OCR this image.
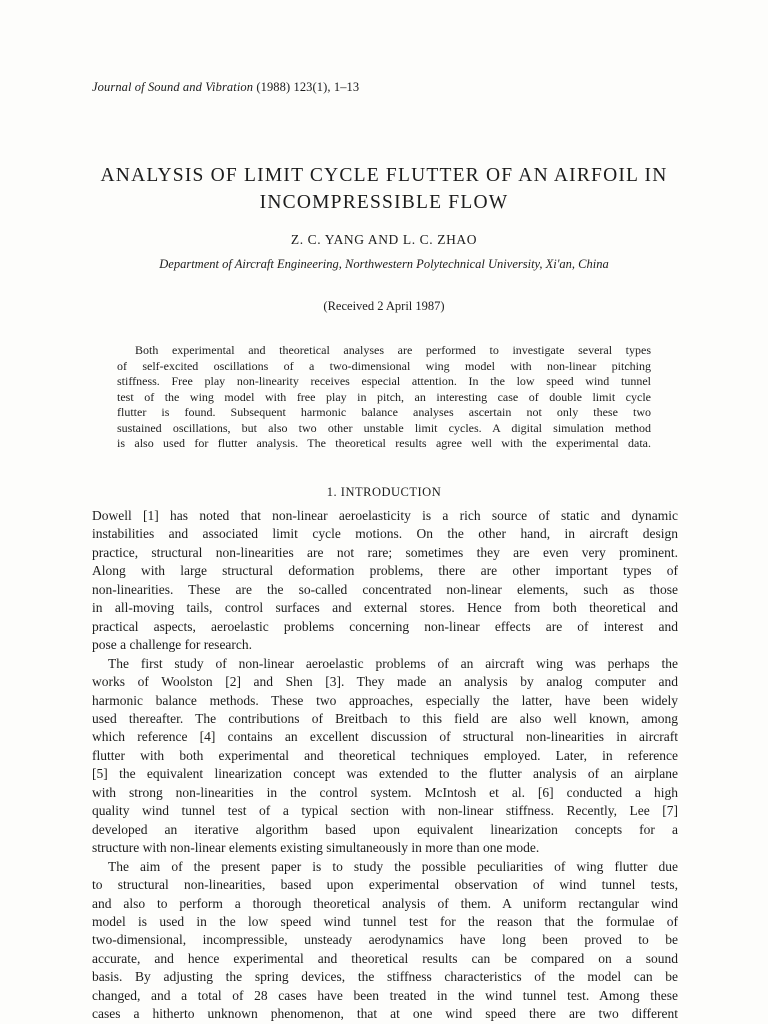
Journal of Sound and Vibration (1988) 123(1), 1–13
ANALYSIS OF LIMIT CYCLE FLUTTER OF AN AIRFOIL IN
INCOMPRESSIBLE FLOW
Z. C. YANG AND L. C. ZHAO
Department of Aircraft Engineering, Northwestern Polytechnical University, Xi'an, China
(Received 2 April 1987)
Both experimental and theoretical analyses are performed to investigate several types
of self-excited oscillations of a two-dimensional wing model with non-linear pitching
stiffness. Free play non-linearity receives especial attention. In the low speed wind tunnel
test of the wing model with free play in pitch, an interesting case of double limit cycle
flutter is found. Subsequent harmonic balance analyses ascertain not only these two
sustained oscillations, but also two other unstable limit cycles. A digital simulation method
is also used for flutter analysis. The theoretical results agree well with the experimental data.
1. INTRODUCTION
Dowell [1] has noted that non-linear aeroelasticity is a rich source of static and dynamic
instabilities and associated limit cycle motions. On the other hand, in aircraft design
practice, structural non-linearities are not rare; sometimes they are even very prominent.
Along with large structural deformation problems, there are other important types of
non-linearities. These are the so-called concentrated non-linear elements, such as those
in all-moving tails, control surfaces and external stores. Hence from both theoretical and
practical aspects, aeroelastic problems concerning non-linear effects are of interest and
pose a challenge for research.
The first study of non-linear aeroelastic problems of an aircraft wing was perhaps the
works of Woolston [2] and Shen [3]. They made an analysis by analog computer and
harmonic balance methods. These two approaches, especially the latter, have been widely
used thereafter. The contributions of Breitbach to this field are also well known, among
which reference [4] contains an excellent discussion of structural non-linearities in aircraft
flutter with both experimental and theoretical techniques employed. Later, in reference
[5] the equivalent linearization concept was extended to the flutter analysis of an airplane
with strong non-linearities in the control system. McIntosh et al. [6] conducted a high
quality wind tunnel test of a typical section with non-linear stiffness. Recently, Lee [7]
developed an iterative algorithm based upon equivalent linearization concepts for a
structure with non-linear elements existing simultaneously in more than one mode.
The aim of the present paper is to study the possible peculiarities of wing flutter due
to structural non-linearities, based upon experimental observation of wind tunnel tests,
and also to perform a thorough theoretical analysis of them. A uniform rectangular wind
model is used in the low speed wind tunnel test for the reason that the formulae of
two-dimensional, incompressible, unsteady aerodynamics have long been proved to be
accurate, and hence experimental and theoretical results can be compared on a sound
basis. By adjusting the spring devices, the stiffness characteristics of the model can be
changed, and a total of 28 cases have been treated in the wind tunnel test. Among these
cases a hitherto unknown phenomenon, that at one wind speed there are two different
